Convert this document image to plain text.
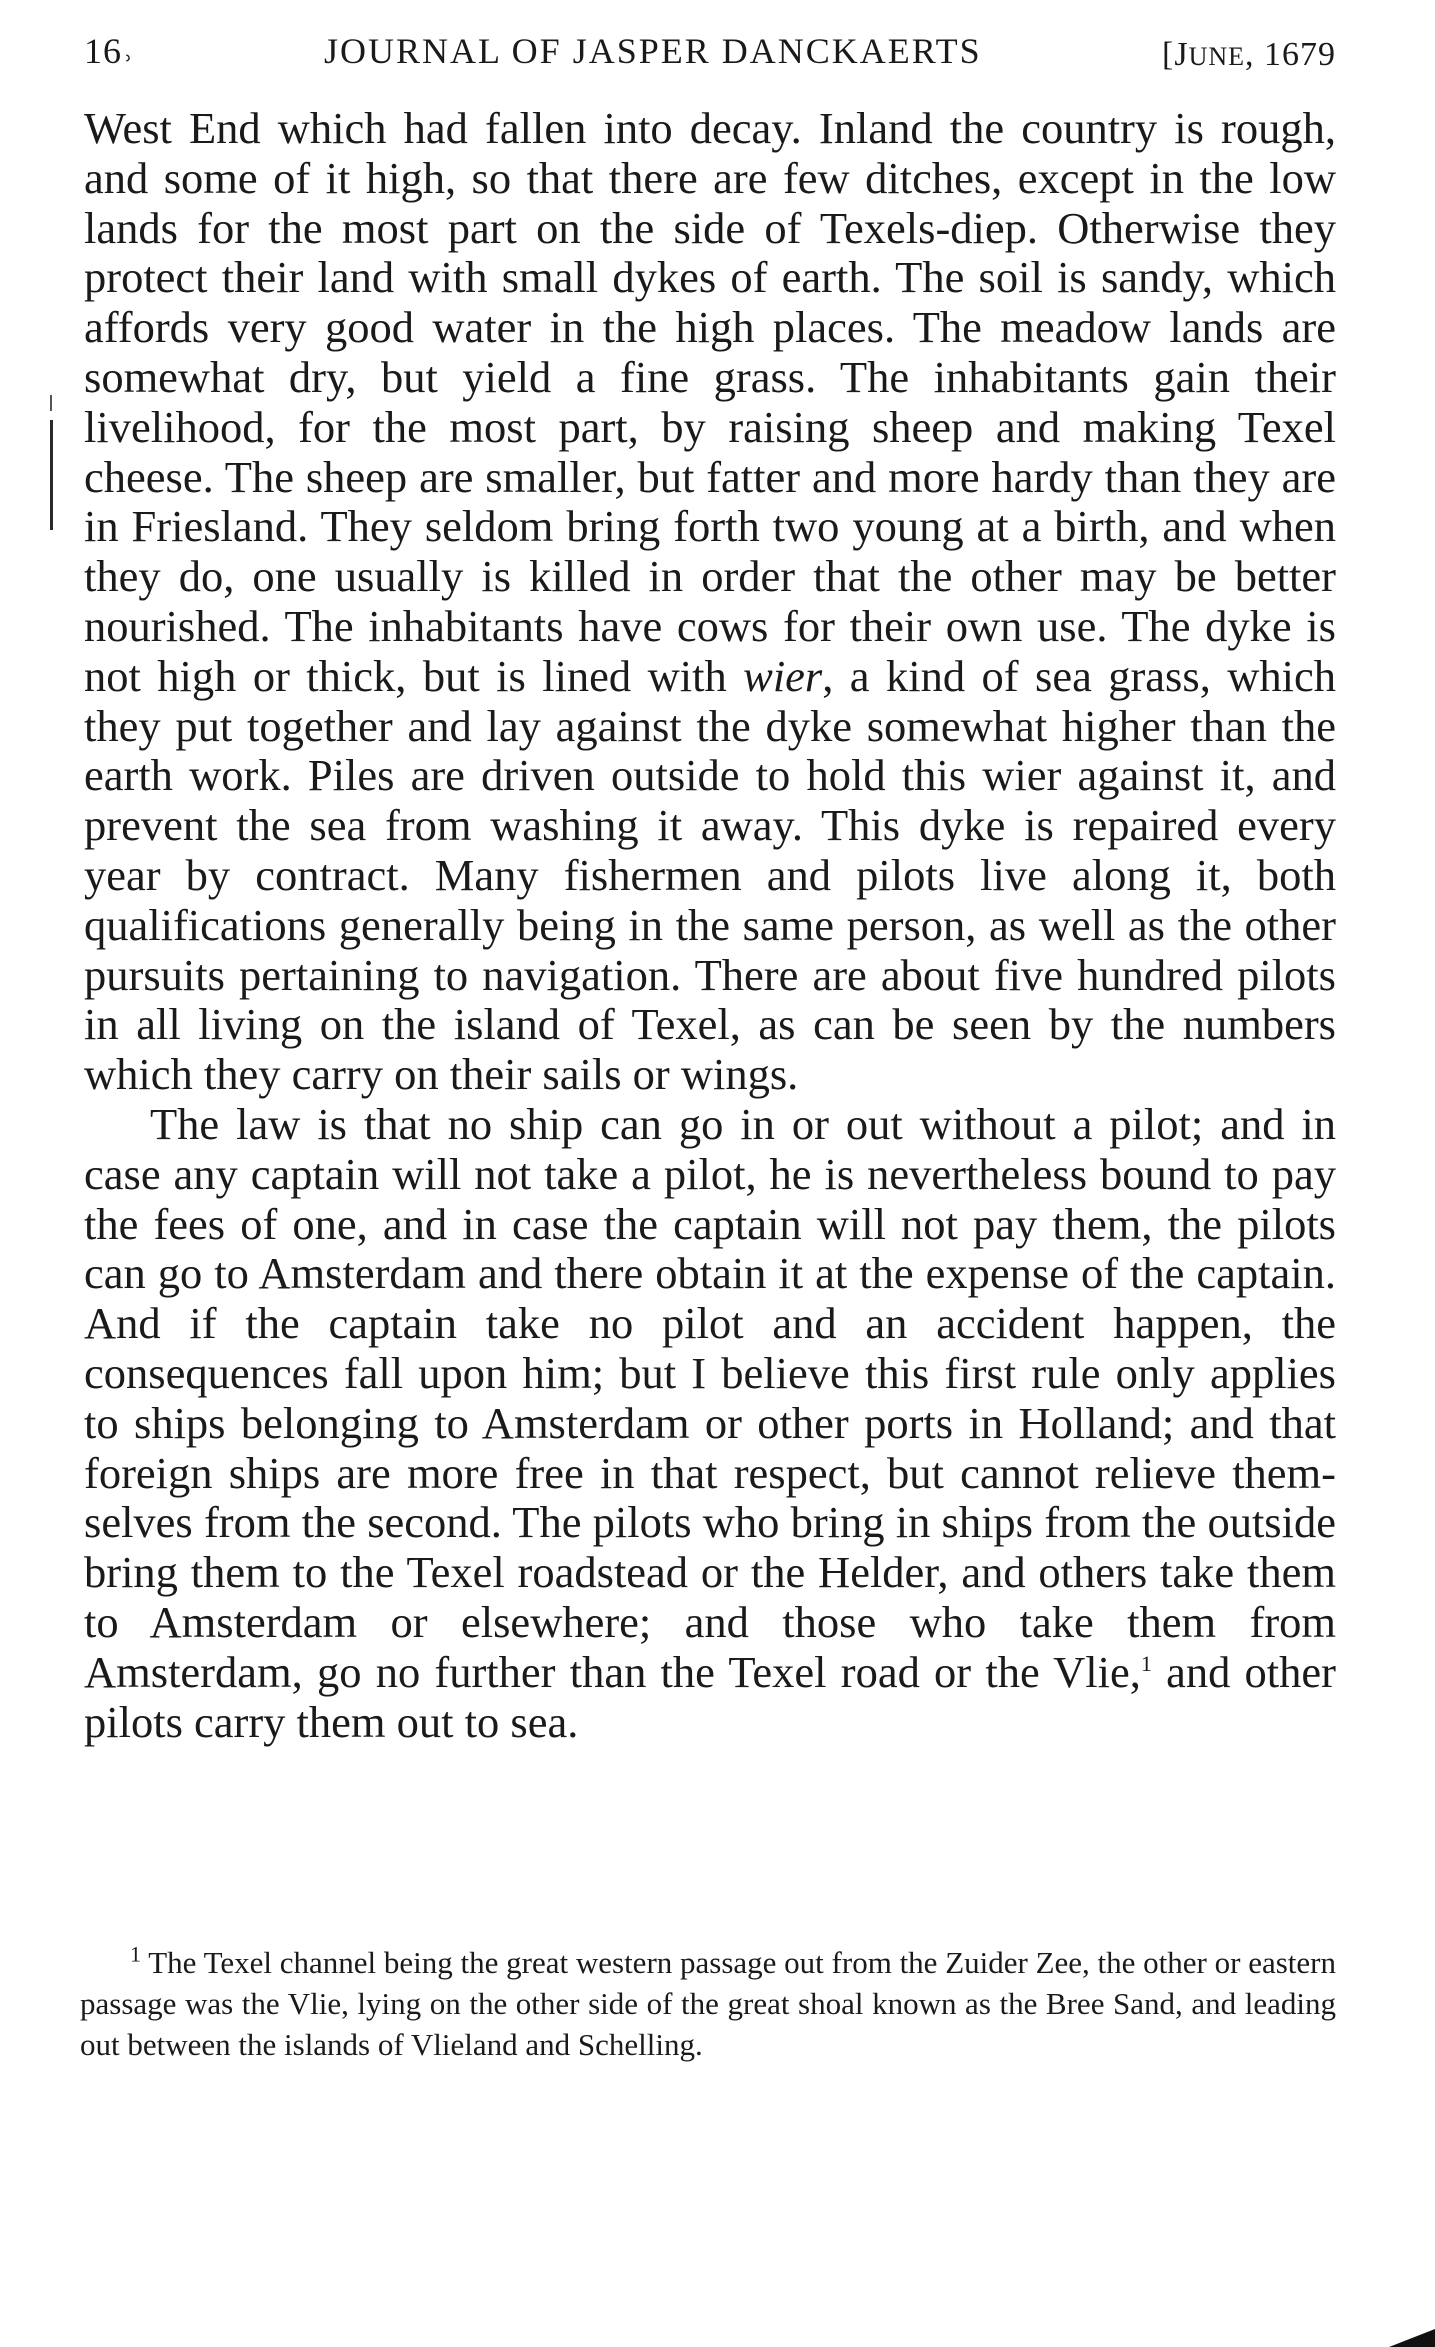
16˒	JOURNAL OF JASPER DANCKAERTS	[JUNE, 1679

West End which had fallen into decay. Inland the country is rough, and some of it high, so that there are few ditches, except in the low lands for the most part on the side of Texels-diep. Otherwise they protect their land with small dykes of earth. The soil is sandy, which affords very good water in the high places. The meadow lands are somewhat dry, but yield a fine grass. The inhabitants gain their livelihood, for the most part, by raising sheep and making Texel cheese. The sheep are smaller, but fatter and more hardy than they are in Friesland. They seldom bring forth two young at a birth, and when they do, one usually is killed in order that the other may be better nourished. The inhabitants have cows for their own use. The dyke is not high or thick, but is lined with wier, a kind of sea grass, which they put together and lay against the dyke somewhat higher than the earth work. Piles are driven outside to hold this wier against it, and prevent the sea from washing it away. This dyke is repaired every year by contract. Many fishermen and pilots live along it, both qualifications generally being in the same person, as well as the other pursuits pertaining to navigation. There are about five hundred pilots in all living on the island of Texel, as can be seen by the numbers which they carry on their sails or wings.

The law is that no ship can go in or out without a pilot; and in case any captain will not take a pilot, he is nevertheless bound to pay the fees of one, and in case the captain will not pay them, the pilots can go to Amsterdam and there obtain it at the expense of the captain. And if the captain take no pilot and an accident happen, the consequences fall upon him; but I believe this first rule only applies to ships belonging to Amsterdam or other ports in Holland; and that foreign ships are more free in that respect, but cannot relieve themselves from the second. The pilots who bring in ships from the outside bring them to the Texel roadstead or the Helder, and others take them to Amsterdam or elsewhere; and those who take them from Amsterdam, go no further than the Texel road or the Vlie,$^1$ and other pilots carry them out to sea.

$^1$ The Texel channel being the great western passage out from the Zuider Zee, the other or eastern passage was the Vlie, lying on the other side of the great shoal known as the Bree Sand, and leading out between the islands of Vlieland and Schelling.
